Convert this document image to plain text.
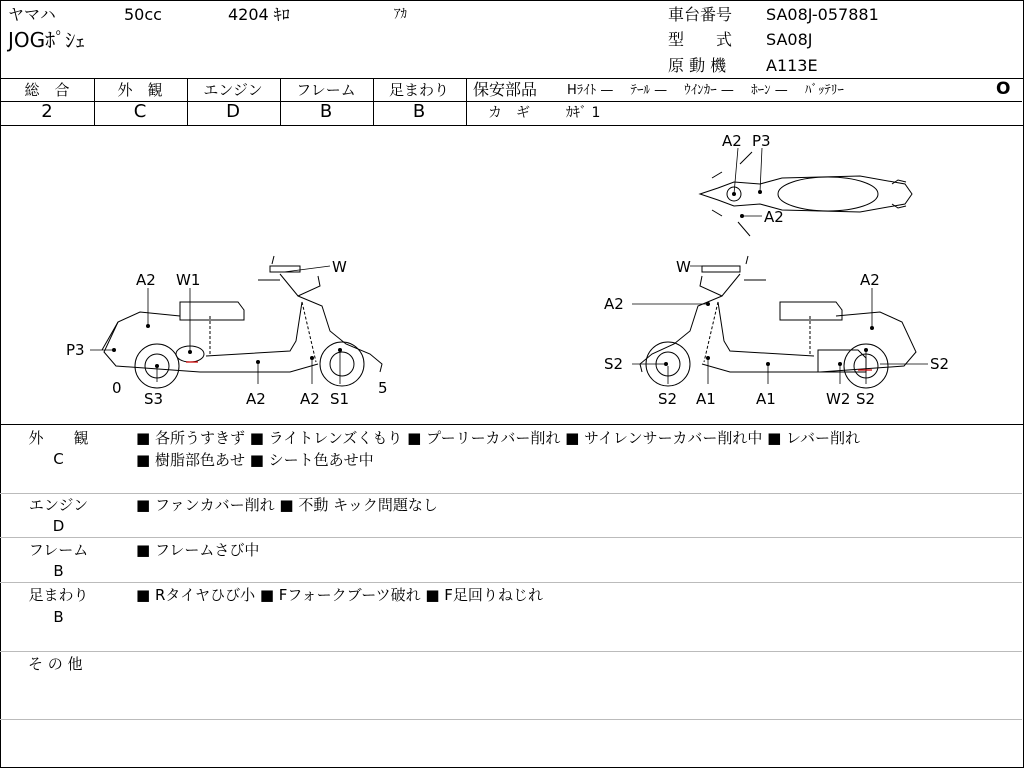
ヤマハ	50cc	4204 ｷﾛ	ｱｶ
JOGﾎﾟｼｪ
車台番号 SA08J-057881
型　　式 SA08J
原 動 機 A113E
総　合	外　観	エンジン	フレーム	足まわり
2	C	D	B	B
保安部品 Hﾗｲﾄ —　 ﾃｰﾙ —　 ｳｲﾝｶｰ —　 ﾎｰﾝ —　 ﾊﾞｯﾃﾘｰ	O
カ　ギ	ｶｷﾞ 1
A2 P3
A2
W
A2 W1
P3
0
S3	A2 A2 S1
5
W
A2
A2
S2
S2 A1	A1	W2 S2
S2
外　　観
C
■ 各所うすきず ■ ライトレンズくもり ■ プーリーカバー削れ ■ サイレンサーカバー削れ中 ■ レバー削れ
■ 樹脂部色あせ ■ シート色あせ中
エンジン
D
■ ファンカバー削れ ■ 不動 キック問題なし
フレーム
B
■ フレームさび中
足まわり
B
■ Rタイヤひび小 ■ Fフォークブーツ破れ ■ F足回りねじれ
そ の 他
